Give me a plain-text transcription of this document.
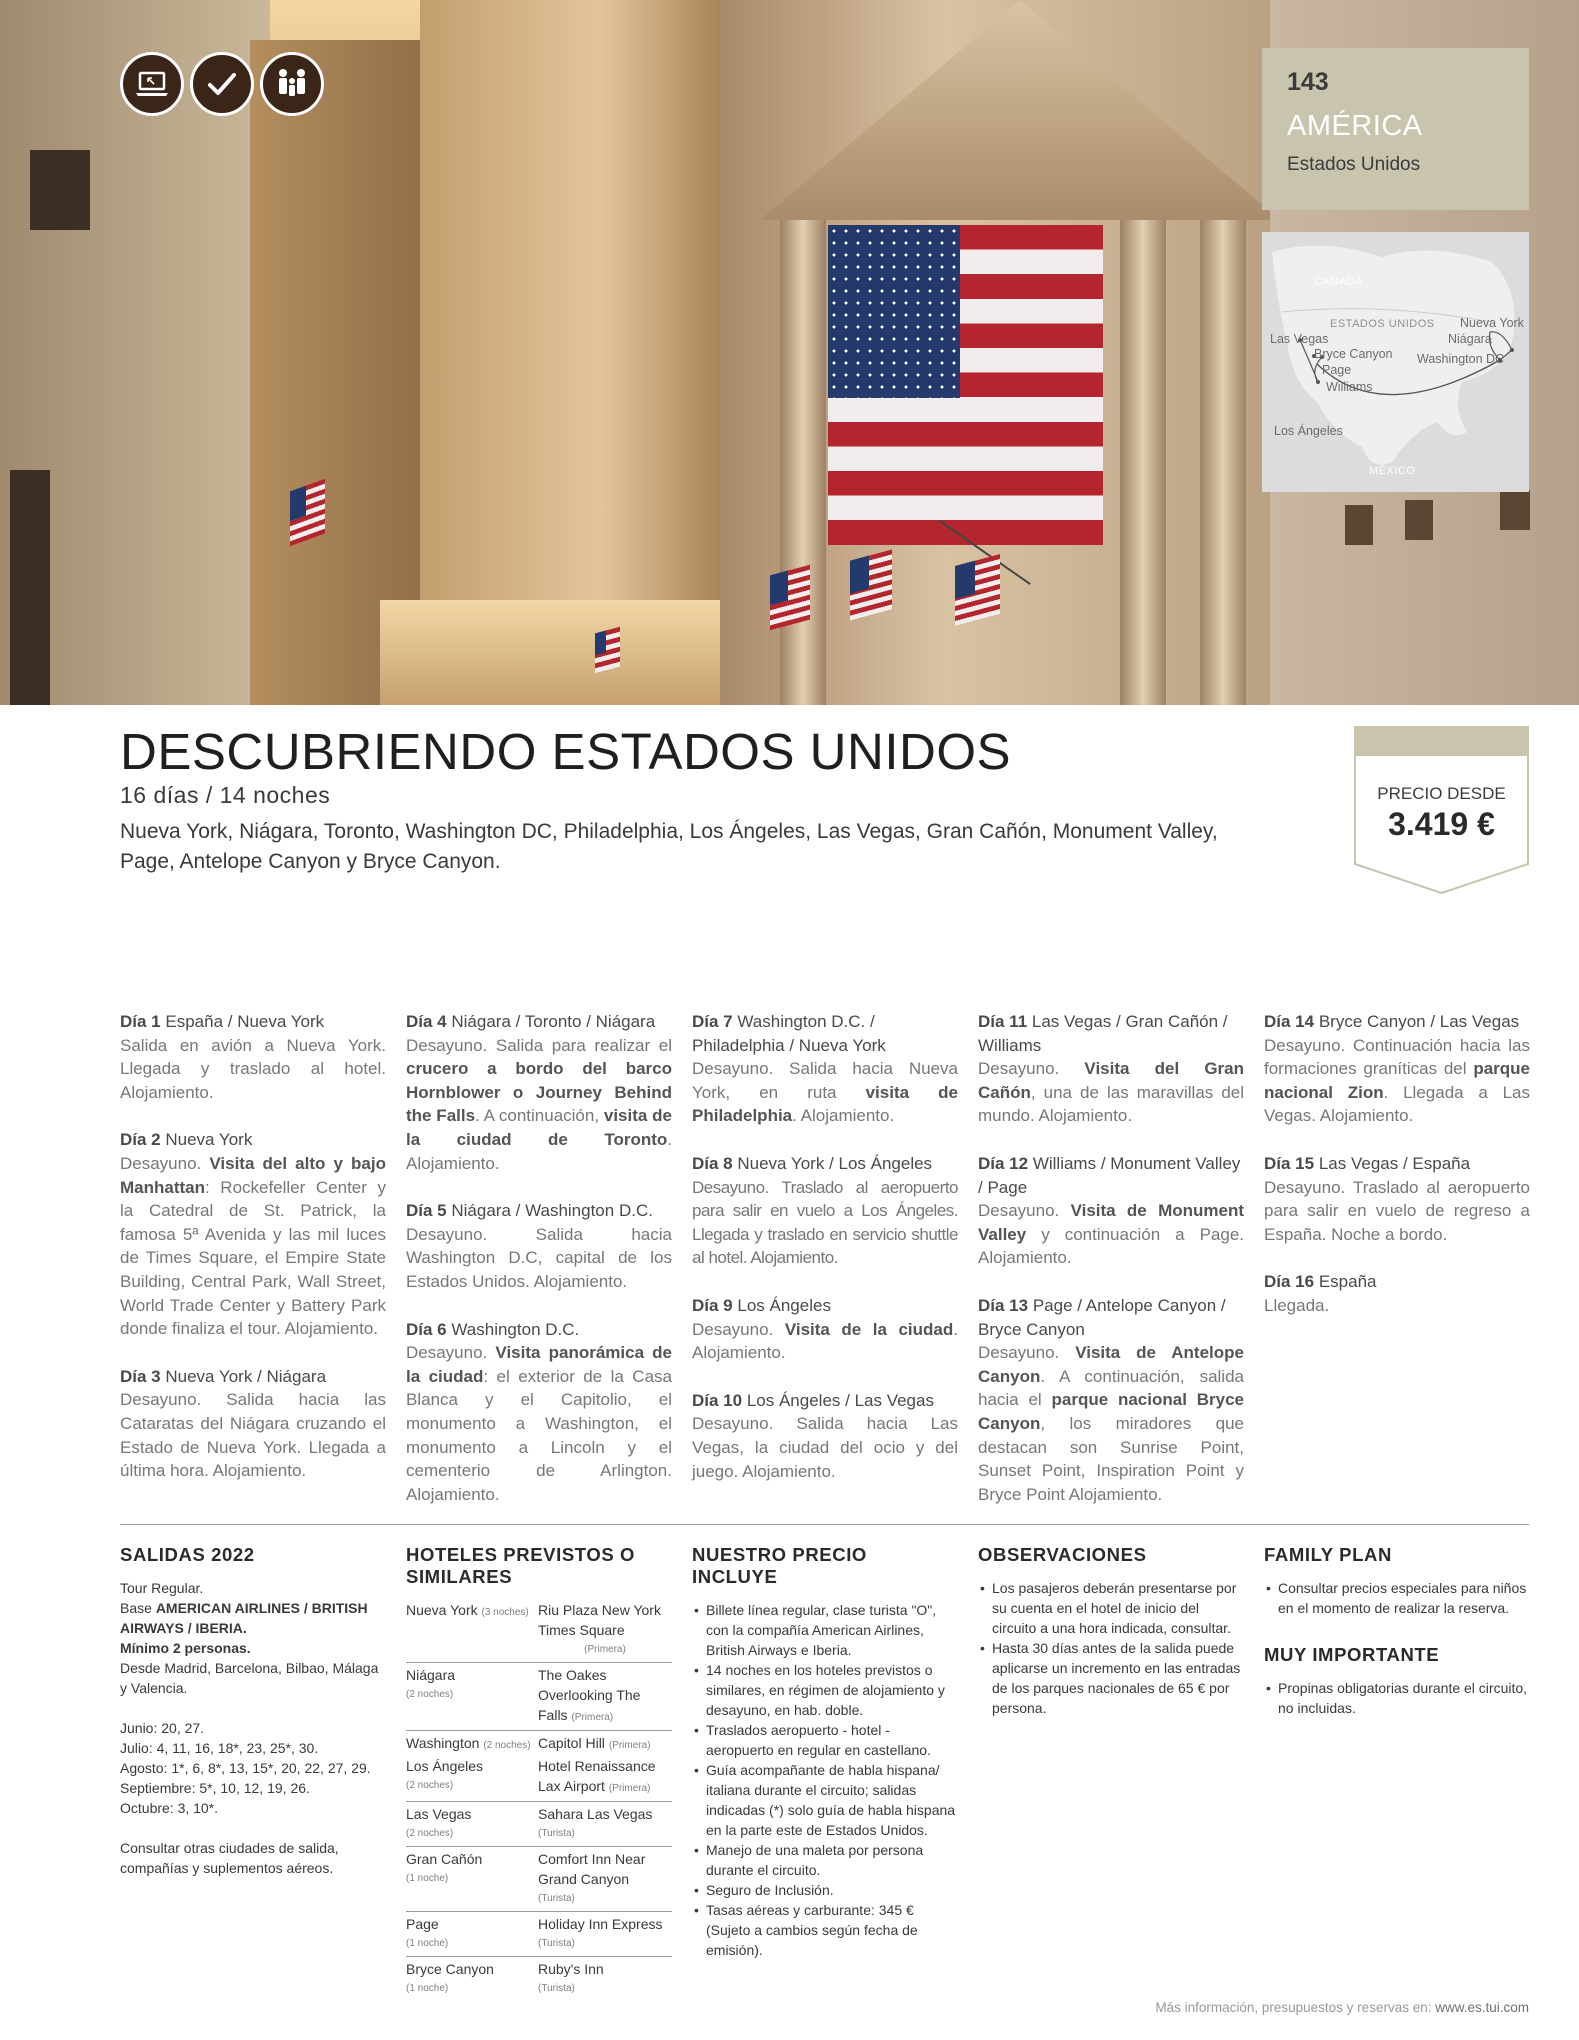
143
AMÉRICA
Estados Unidos
CANADÁ
ESTADOS UNIDOS
MÉXICO
Nueva York
Niágara
Las Vegas
Bryce Canyon Washington DC
Page
Williams
Los Ángeles
DESCUBRIENDO ESTADOS UNIDOS
16 días / 14 noches
Nueva York, Niágara, Toronto, Washington DC, Philadelphia, Los Ángeles, Las Vegas, Gran Cañón, Monument Valley, Page, Antelope Canyon y Bryce Canyon.
PRECIO DESDE
3.419 €
Día 1 España / Nueva York
Salida en avión a Nueva York. Llegada y traslado al hotel. Alojamiento.
Día 2 Nueva York
Desayuno. Visita del alto y bajo Manhattan: Rockefeller Center y la Catedral de St. Patrick, la famosa 5ª Avenida y las mil luces de Times Square, el Empire State Building, Central Park, Wall Street, World Trade Center y Battery Park donde finaliza el tour. Alojamiento.
Día 3 Nueva York / Niágara
Desayuno. Salida hacia las Cataratas del Niágara cruzando el Estado de Nueva York. Llegada a última hora. Alojamiento.
Día 4 Niágara / Toronto / Niágara
Desayuno. Salida para realizar el crucero a bordo del barco Hornblower o Journey Behind the Falls. A continuación, visita de la ciudad de Toronto. Alojamiento.
Día 5 Niágara / Washington D.C.
Desayuno. Salida hacia Washington D.C, capital de los Estados Unidos. Alojamiento.
Día 6 Washington D.C.
Desayuno. Visita panorámica de la ciudad: el exterior de la Casa Blanca y el Capitolio, el monumento a Washington, el monumento a Lincoln y el cementerio de Arlington. Alojamiento.
Día 7 Washington D.C. / Philadelphia / Nueva York
Desayuno. Salida hacia Nueva York, en ruta visita de Philadelphia. Alojamiento.
Día 8 Nueva York / Los Ángeles
Desayuno. Traslado al aeropuerto para salir en vuelo a Los Ángeles. Llegada y traslado en servicio shuttle al hotel. Alojamiento.
Día 9 Los Ángeles
Desayuno. Visita de la ciudad. Alojamiento.
Día 10 Los Ángeles / Las Vegas
Desayuno. Salida hacia Las Vegas, la ciudad del ocio y del juego. Alojamiento.
Día 11 Las Vegas / Gran Cañón / Williams
Desayuno. Visita del Gran Cañón, una de las maravillas del mundo. Alojamiento.
Día 12 Williams / Monument Valley / Page
Desayuno. Visita de Monument Valley y continuación a Page. Alojamiento.
Día 13 Page / Antelope Canyon / Bryce Canyon
Desayuno. Visita de Antelope Canyon. A continuación, salida hacia el parque nacional Bryce Canyon, los miradores que destacan son Sunrise Point, Sunset Point, Inspiration Point y Bryce Point Alojamiento.
Día 14 Bryce Canyon / Las Vegas
Desayuno. Continuación hacia las formaciones graníticas del parque nacional Zion. Llegada a Las Vegas. Alojamiento.
Día 15 Las Vegas / España
Desayuno. Traslado al aeropuerto para salir en vuelo de regreso a España. Noche a bordo.
Día 16 España
Llegada.
SALIDAS 2022
Tour Regular.
Base AMERICAN AIRLINES / BRITISH AIRWAYS / IBERIA.
Mínimo 2 personas.
Desde Madrid, Barcelona, Bilbao, Málaga y Valencia.
Junio: 20, 27.
Julio: 4, 11, 16, 18*, 23, 25*, 30.
Agosto: 1*, 6, 8*, 13, 15*, 20, 22, 27, 29.
Septiembre: 5*, 10, 12, 19, 26.
Octubre: 3, 10*.
Consultar otras ciudades de salida, compañías y suplementos aéreos.
HOTELES PREVISTOS O SIMILARES
Nueva York (3 noches) Riu Plaza New York Times Square
(Primera)
Niágara
(2 noches)
The Oakes Overlooking The Falls (Primera)
Washington (2 noches) Capitol Hill (Primera)
Los Ángeles
(2 noches)
Hotel Renaissance Lax Airport (Primera)
Las Vegas
(2 noches)
Sahara Las Vegas
(Turista)
Gran Cañón
(1 noche)
Comfort Inn Near Grand Canyon
(Turista)
Page
(1 noche)
Holiday Inn Express
(Turista)
Bryce Canyon
(1 noche)
Ruby's Inn
(Turista)
NUESTRO PRECIO INCLUYE
• Billete línea regular, clase turista "O", con la compañía American Airlines, British Airways e Iberia.
• 14 noches en los hoteles previstos o similares, en régimen de alojamiento y desayuno, en hab. doble.
• Traslados aeropuerto - hotel - aeropuerto en regular en castellano.
• Guía acompañante de habla hispana/ italiana durante el circuito; salidas indicadas (*) solo guía de habla hispana en la parte este de Estados Unidos.
• Manejo de una maleta por persona durante el circuito.
• Seguro de Inclusión.
• Tasas aéreas y carburante: 345 € (Sujeto a cambios según fecha de emisión).
OBSERVACIONES
• Los pasajeros deberán presentarse por su cuenta en el hotel de inicio del circuito a una hora indicada, consultar.
• Hasta 30 días antes de la salida puede aplicarse un incremento en las entradas de los parques nacionales de 65 € por persona.
FAMILY PLAN
• Consultar precios especiales para niños en el momento de realizar la reserva.
MUY IMPORTANTE
• Propinas obligatorias durante el circuito, no incluidas.
Más información, presupuestos y reservas en: www.es.tui.com
